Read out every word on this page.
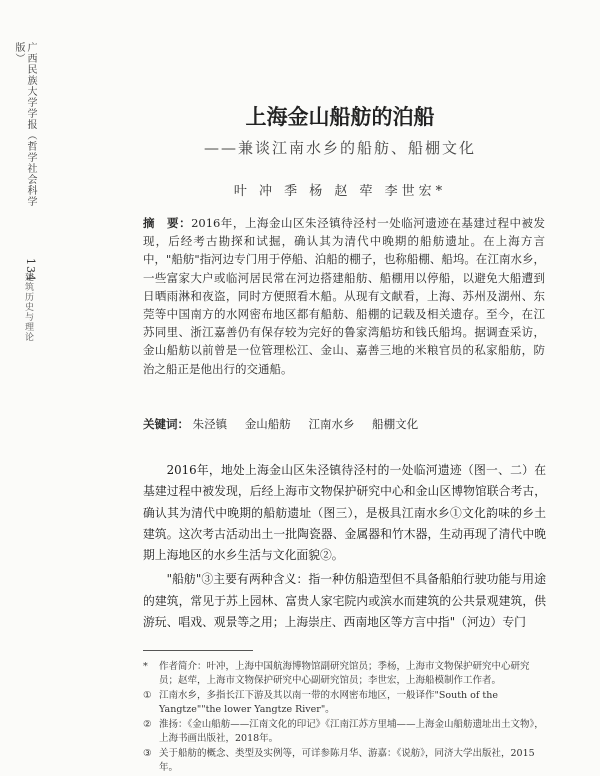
广西民族大学学报（哲学社会科学版）
134
建筑历史与理论
上海金山船舫的泊船
——兼谈江南水乡的船舫、船棚文化
叶 冲 季 杨 赵 荦 李世宏*
摘　要：2016年，上海金山区朱泾镇待泾村一处临河遗迹在基建过程中被发现，后经考古勘探和试掘，确认其为清代中晚期的船舫遗址。在上海方言中，"船舫"指河边专门用于停船、泊船的棚子，也称船棚、船坞。在江南水乡，一些富家大户或临河居民常在河边搭建船舫、船棚用以停船，以避免大船遭到日晒雨淋和夜盗，同时方便照看木船。从现有文献看，上海、苏州及湖州、东莞等中国南方的水网密布地区都有船舫、船棚的记载及相关遗存。至今，在江苏同里、浙江嘉善仍有保存较为完好的鲁家湾船坊和钱氏船坞。据调查采访，金山船舫以前曾是一位管理松江、金山、嘉善三地的米粮官员的私家船舫，防治之船正是他出行的交通船。
关键词： 朱泾镇 金山船舫 江南水乡 船棚文化

2016年，地处上海金山区朱泾镇待泾村的一处临河遗迹（图一、二）在基建过程中被发现，后经上海市文物保护研究中心和金山区博物馆联合考古，确认其为清代中晚期的船舫遗址（图三），是极具江南水乡①文化韵味的乡土建筑。这次考古活动出土一批陶瓷器、金属器和竹木器，生动再现了清代中晚期上海地区的水乡生活与文化面貌②。

"船舫"③主要有两种含义：指一种仿船造型但不具备船舶行驶功能与用途的建筑，常见于苏上园林、富贵人家宅院内或滨水而建筑的公共景观建筑，供游玩、唱戏、观景等之用；上海崇庄、西南地区等方言中指"（河边）专门

*	作者简介：叶冲，上海中国航海博物馆副研究馆员；季杨，上海市文物保护研究中心研究员；赵荦，上海市文物保护研究中心副研究馆员；李世宏，上海船模制作工作者。
① 江南水乡，多指长江下游及其以南一带的水网密布地区，一般译作"South of the Yangtze""the lower Yangtze River"。
② 淮扬：《金山船舫——江南文化的印记》《江南江苏方里埔——上海金山船舫遗址出土文物》，上海书画出版社，2018年。
③ 关于船舫的概念、类型及实例等，可详参陈月华、游嘉：《说舫》，同济大学出版社，2015年。
